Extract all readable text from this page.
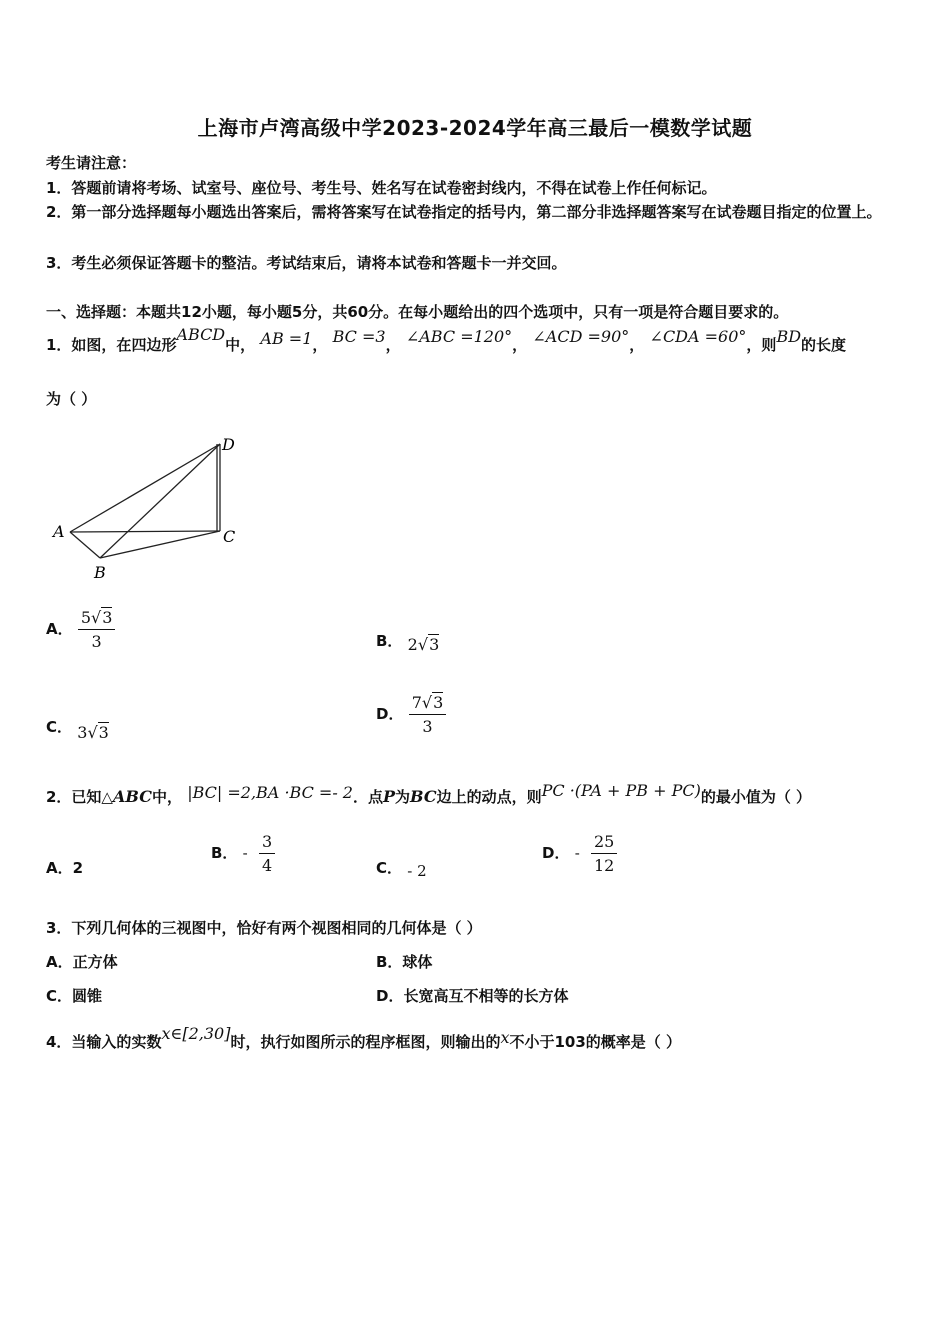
上海市卢湾高级中学2023-2024学年高三最后一模数学试题
考生请注意：
1．答题前请将考场、试室号、座位号、考生号、姓名写在试卷密封线内，不得在试卷上作任何标记。
2．第一部分选择题每小题选出答案后，需将答案写在试卷指定的括号内，第二部分非选择题答案写在试卷题目指定的位置上。
3．考生必须保证答题卡的整洁。考试结束后，请将本试卷和答题卡一并交回。
一、选择题：本题共12小题，每小题5分，共60分。在每小题给出的四个选项中，只有一项是符合题目要求的。
1．如图，在四边形ABCD中， AB =1， BC =3， ∠ABC =120°， ∠ACD =90°， ∠CDA =60°，则BD的长度
为（ ）
A
B
C
D
A． $\frac{5√3}{3}$	B． 2√3
C． 3√3
D． $\frac{7√3}{3}$
2．已知△ABC中， |BC| =2,BA ·BC =- 2．点P为BC边上的动点，则PC ·(PA + PB + PC)的最小值为（ ）
A．2
B． - $\frac{3}{4}$	C． - 2
D． - $\frac{25}{12}$
3．下列几何体的三视图中，恰好有两个视图相同的几何体是（ ）
A．正方体	B．球体
C．圆锥	D．长宽高互不相等的长方体
4．当输入的实数x∈[2,30]时，执行如图所示的程序框图，则输出的x不小于103的概率是（ ）
